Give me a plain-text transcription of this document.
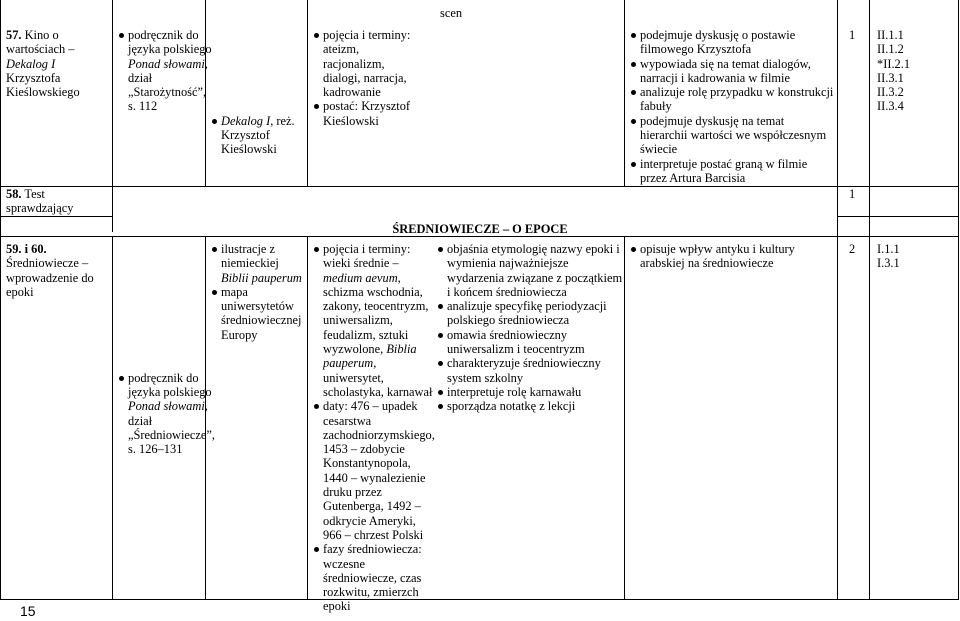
scen
57. Kino o wartościach – Dekalog I Krzysztofa Kieślowskiego
podręcznik do języka polskiego Ponad słowami, dział „Starożytność”, s. 112
Dekalog I, reż. Krzysztof Kieślowski
pojęcia i terminy: ateizm, racjonalizm, dialogi, narracja, kadrowanie
postać: Krzysztof Kieślowski
podejmuje dyskusję o postawie filmowego Krzysztofa
wypowiada się na temat dialogów, narracji i kadrowania w filmie
analizuje rolę przypadku w konstrukcji fabuły
podejmuje dyskusję na temat hierarchii wartości we współczesnym świecie
interpretuje postać graną w filmie przez Artura Barcisia
1 II.1.1
II.1.2
*II.2.1
II.3.1
II.3.2
II.3.4
58. Test sprawdzający
1
ŚREDNIOWIECZE – O EPOCE
59. i 60. Średniowiecze – wprowadzenie do epoki
podręcznik do języka polskiego Ponad słowami, dział „Średniowiecze”, s. 126–131
ilustracje z niemieckiej Biblii pauperum
mapa uniwersytetów średniowiecznej Europy
pojęcia i terminy: wieki średnie – medium aevum, schizma wschodnia, zakony, teocentryzm, uniwersalizm, feudalizm, sztuki wyzwolone, Biblia pauperum, uniwersytet, scholastyka, karnawał
daty: 476 – upadek cesarstwa zachodniorzymskiego, 1453 – zdobycie Konstantynopola, 1440 – wynalezienie druku przez Gutenberga, 1492 – odkrycie Ameryki, 966 – chrzest Polski
fazy średniowiecza: wczesne średniowiecze, czas rozkwitu, zmierzch epoki
objaśnia etymologię nazwy epoki i wymienia najważniejsze wydarzenia związane z początkiem i końcem średniowiecza
analizuje specyfikę periodyzacji polskiego średniowiecza
omawia średniowieczny uniwersalizm i teocentryzm
charakteryzuje średniowieczny system szkolny
interpretuje rolę karnawału
sporządza notatkę z lekcji
opisuje wpływ antyku i kultury arabskiej na średniowiecze
2 I.1.1
I.3.1
15
